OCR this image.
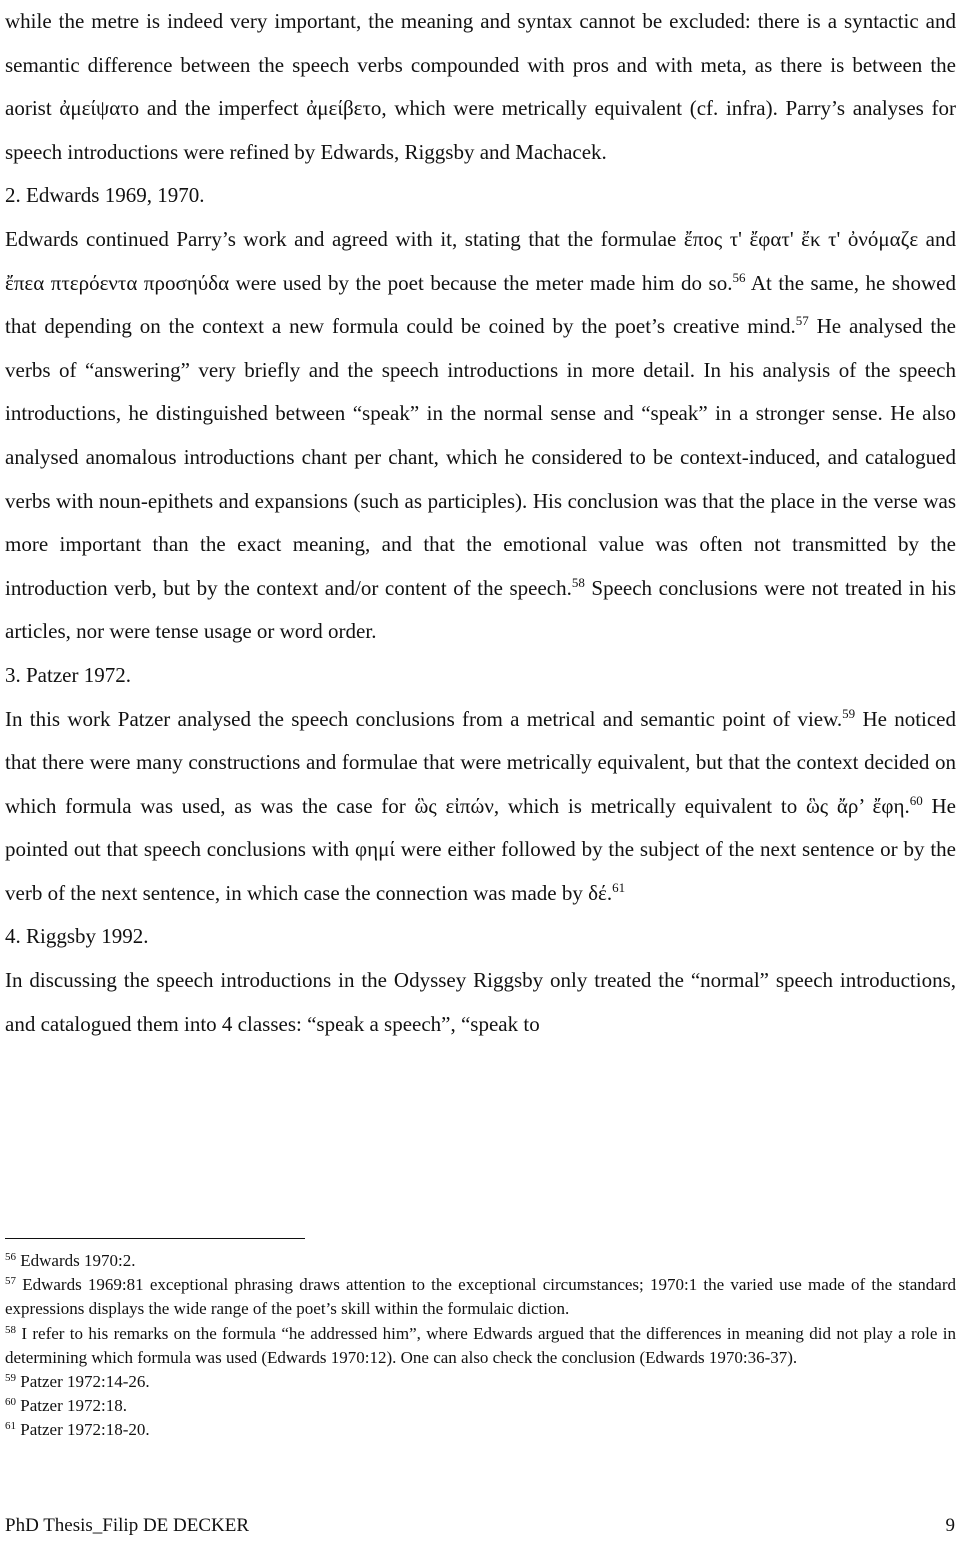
while the metre is indeed very important, the meaning and syntax cannot be excluded: there is a syntactic and semantic difference between the speech verbs compounded with pros and with meta, as there is between the aorist ἀμείψατο and the imperfect ἀμείβετο, which were metrically equivalent (cf. infra). Parry’s analyses for speech introductions were refined by Edwards, Riggsby and Machacek.

2. Edwards 1969, 1970.

Edwards continued Parry’s work and agreed with it, stating that the formulae ἔπος τ' ἔφατ' ἔκ τ' ὀνόμαζε and ἔπεα πτερόεντα προσηύδα were used by the poet because the meter made him do so.$^{56}$ At the same, he showed that depending on the context a new formula could be coined by the poet’s creative mind.$^{57}$ He analysed the verbs of “answering” very briefly and the speech introductions in more detail. In his analysis of the speech introductions, he distinguished between “speak” in the normal sense and “speak” in a stronger sense. He also analysed anomalous introductions chant per chant, which he considered to be context-induced, and catalogued verbs with noun-epithets and expansions (such as participles). His conclusion was that the place in the verse was more important than the exact meaning, and that the emotional value was often not transmitted by the introduction verb, but by the context and/or content of the speech.$^{58}$ Speech conclusions were not treated in his articles, nor were tense usage or word order.

3. Patzer 1972.

In this work Patzer analysed the speech conclusions from a metrical and semantic point of view.$^{59}$ He noticed that there were many constructions and formulae that were metrically equivalent, but that the context decided on which formula was used, as was the case for ὣς εἰπών, which is metrically equivalent to ὣς ἄρ’ ἔφη.$^{60}$ He pointed out that speech conclusions with φημί were either followed by the subject of the next sentence or by the verb of the next sentence, in which case the connection was made by δέ.$^{61}$

4. Riggsby 1992.

In discussing the speech introductions in the Odyssey Riggsby only treated the “normal” speech introductions, and catalogued them into 4 classes: “speak a speech”, “speak to

$^{56}$ Edwards 1970:2.

$^{57}$ Edwards 1969:81 exceptional phrasing draws attention to the exceptional circumstances; 1970:1 the varied use made of the standard expressions displays the wide range of the poet’s skill within the formulaic diction.

$^{58}$ I refer to his remarks on the formula “he addressed him”, where Edwards argued that the differences in meaning did not play a role in determining which formula was used (Edwards 1970:12). One can also check the conclusion (Edwards 1970:36-37).

$^{59}$ Patzer 1972:14-26.

$^{60}$ Patzer 1972:18.

$^{61}$ Patzer 1972:18-20.

PhD Thesis_Filip DE DECKER	9
